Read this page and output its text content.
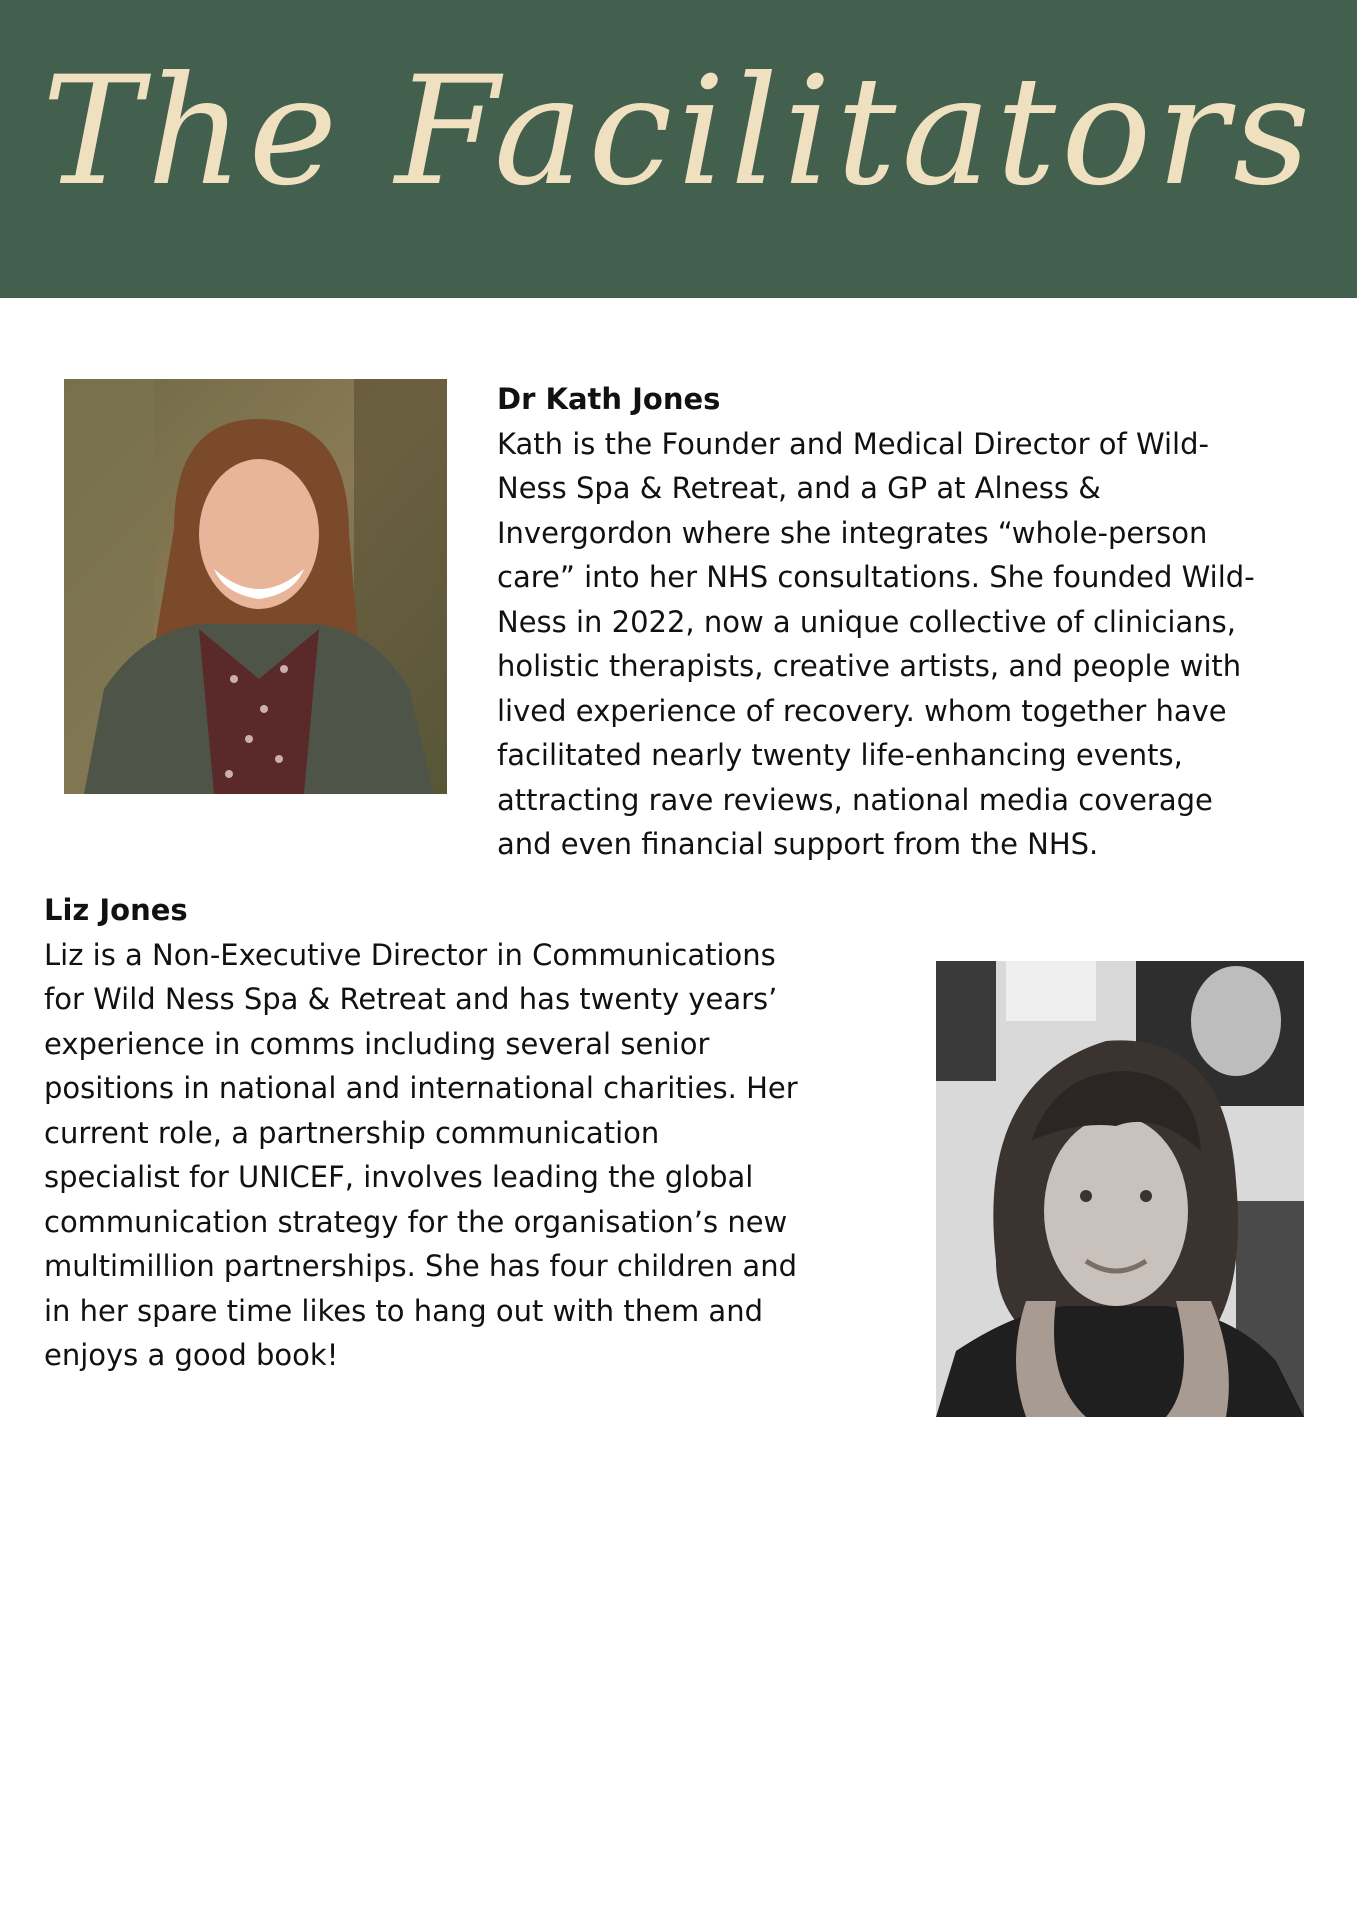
The Facilitators

Dr Kath Jones

Kath is the Founder and Medical Director of Wild-
Ness Spa & Retreat, and a GP at Alness &
Invergordon where she integrates “whole-person
care” into her NHS consultations. She founded Wild-
Ness in 2022, now a unique collective of clinicians,
holistic therapists, creative artists, and people with
lived experience of recovery. whom together have
facilitated nearly twenty life-enhancing events,
attracting rave reviews, national media coverage
and even financial support from the NHS.

Liz Jones

Liz is a Non-Executive Director in Communications
for Wild Ness Spa & Retreat and has twenty years’
experience in comms including several senior
positions in national and international charities. Her
current role, a partnership communication
specialist for UNICEF, involves leading the global
communication strategy for the organisation’s new
multimillion partnerships. She has four children and
in her spare time likes to hang out with them and
enjoys a good book!
